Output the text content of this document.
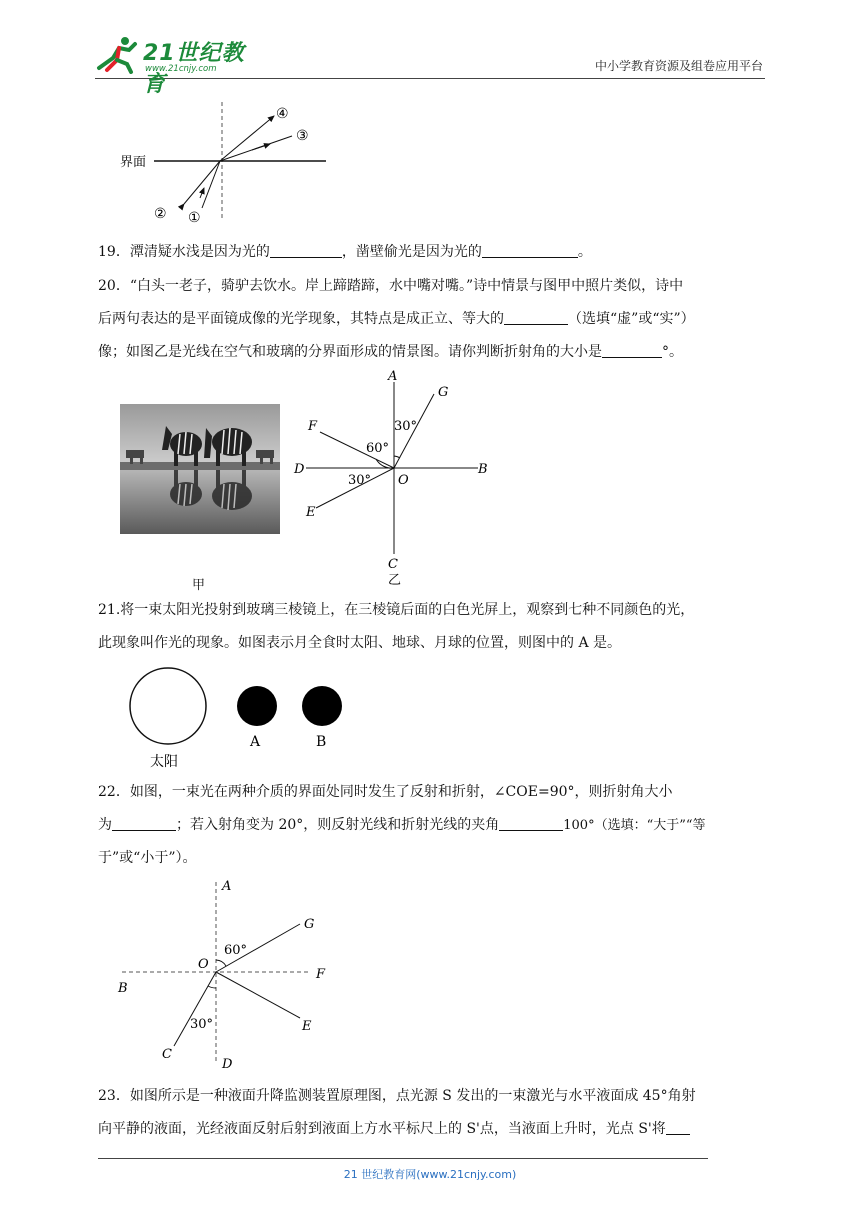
21世纪教育
www.21cnjy.com	中小学教育资源及组卷应用平台
界面
④
③
② ①

19．潭清疑水浅是因为光的	，凿壁偷光是因为光的	。

20．“白头一老子，骑驴去饮水。岸上蹄踏蹄，水中嘴对嘴。”诗中情景与图甲中照片类似，诗中

后两句表达的是平面镜成像的光学现象，其特点是成正立、等大的	（选填“虚”或“实”）

像；如图乙是光线在空气和玻璃的分界面形成的情景图。请你判断折射角的大小是	°。

甲
A
G
F
D	B
O
E
C
30°
60°
30°
乙

21.将一束太阳光投射到玻璃三棱镜上，在三棱镜后面的白色光屏上，观察到七种不同颜色的光，

此现象叫作光的现象。如图表示月全食时太阳、地球、月球的位置，则图中的 A 是。

太阳
A	B

22．如图，一束光在两种介质的界面处同时发生了反射和折射，∠COE=90°，则折射角大小

为	；若入射角变为 20°，则反射光线和折射光线的夹角	100°（选填：“大于”“等

于”或“小于”）。

A
G
O
F
B
E
C
D
60°
30°

23．如图所示是一种液面升降监测装置原理图，点光源 S 发出的一束激光与水平液面成 45°角射

向平静的液面，光经液面反射后射到液面上方水平标尺上的 S'点，当液面上升时，光点 S'将

21 世纪教育网(www.21cnjy.com)
